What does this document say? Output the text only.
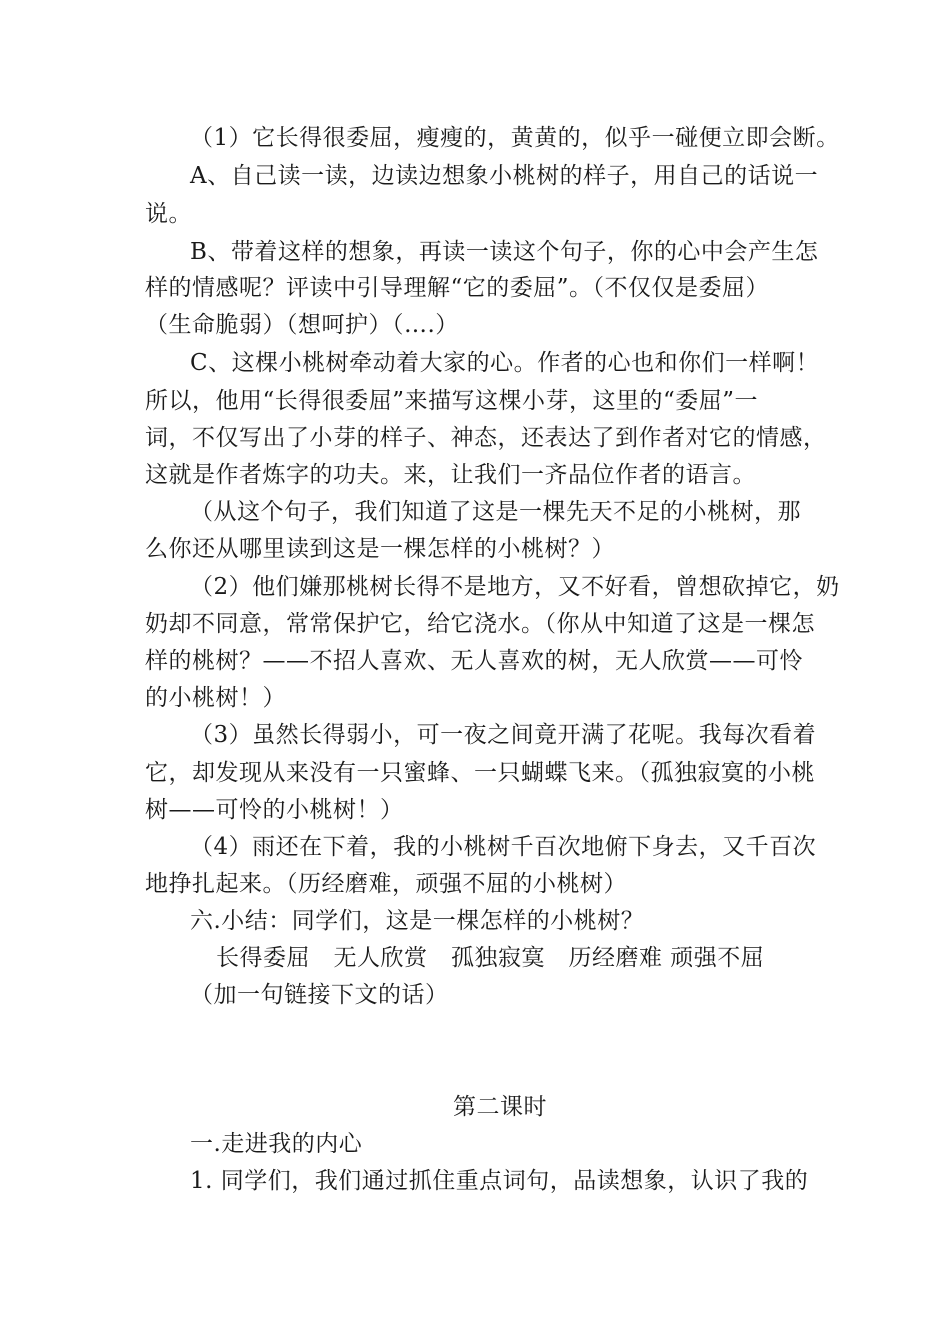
（1）它长得很委屈，瘦瘦的，黄黄的，似乎一碰便立即会断。
A、自己读一读，边读边想象小桃树的样子，用自己的话说一
说。
B、带着这样的想象，再读一读这个句子，你的心中会产生怎
样的情感呢？评读中引导理解“它的委屈”。（不仅仅是委屈）
（生命脆弱）（想呵护）（….）
C、这棵小桃树牵动着大家的心。作者的心也和你们一样啊！
所以，他用“长得很委屈”来描写这棵小芽，这里的“委屈”一
词，不仅写出了小芽的样子、神态，还表达了到作者对它的情感，
这就是作者炼字的功夫。来，让我们一齐品位作者的语言。
（从这个句子，我们知道了这是一棵先天不足的小桃树，那
么你还从哪里读到这是一棵怎样的小桃树？）
（2）他们嫌那桃树长得不是地方，又不好看，曾想砍掉它，奶
奶却不同意，常常保护它，给它浇水。（你从中知道了这是一棵怎
样的桃树？——不招人喜欢、无人喜欢的树，无人欣赏——可怜
的小桃树！）
（3）虽然长得弱小，可一夜之间竟开满了花呢。我每次看着
它，却发现从来没有一只蜜蜂、一只蝴蝶飞来。（孤独寂寞的小桃
树——可怜的小桃树！）
（4）雨还在下着，我的小桃树千百次地俯下身去，又千百次
地挣扎起来。（历经磨难，顽强不屈的小桃树）
六.小结：同学们，这是一棵怎样的小桃树？
长得委屈　无人欣赏　孤独寂寞　历经磨难 顽强不屈
（加一句链接下文的话）
第二课时
一.走进我的内心
1. 同学们，我们通过抓住重点词句，品读想象，认识了我的
